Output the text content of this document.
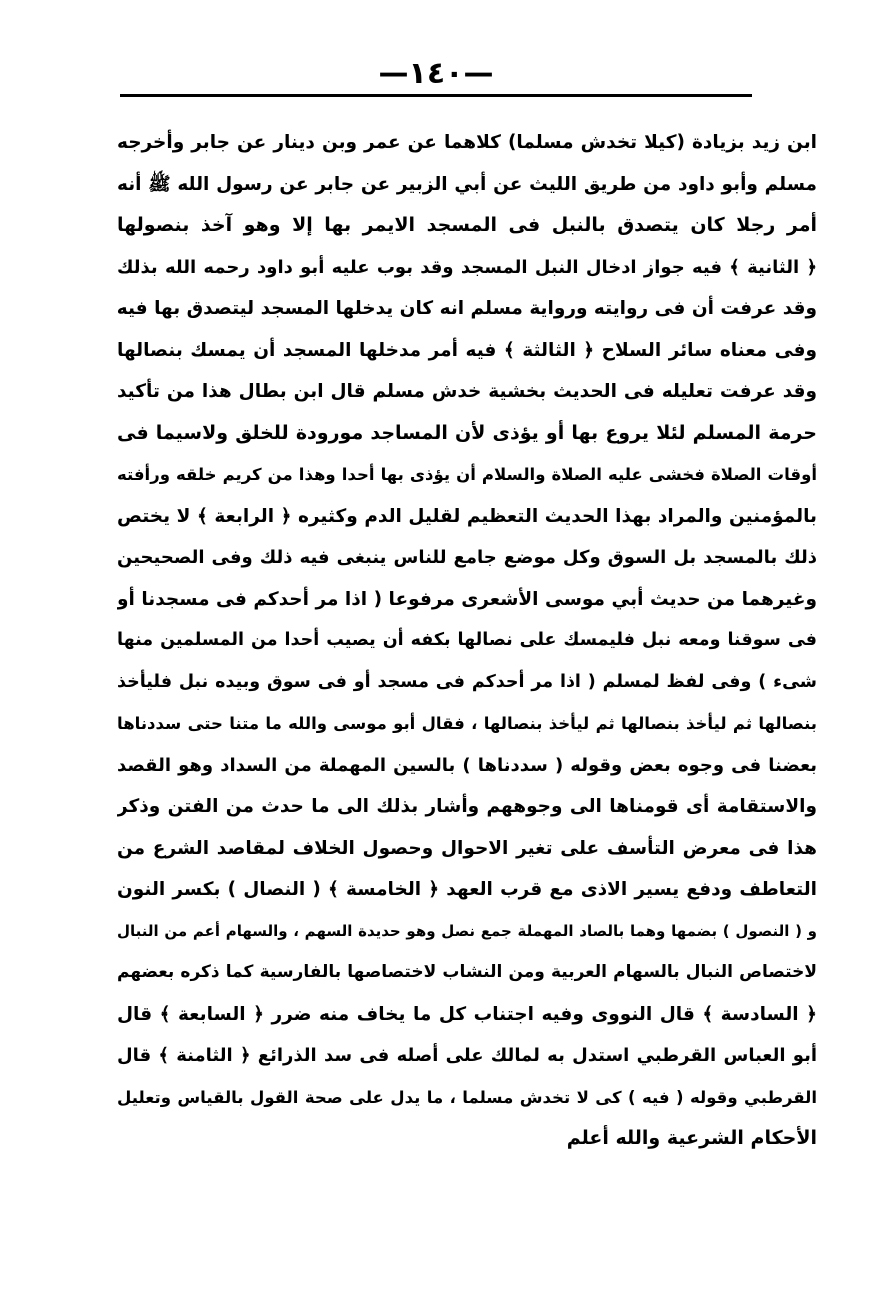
—١٤٠—
ابن زيد بزيادة (كيلا تخدش مسلما) كلاهما عن عمر وبن دينار عن جابر وأخرجه
مسلم وأبو داود من طريق الليث عن أبي الزبير عن جابر عن رسول الله ﷺ أنه
أمر رجلا كان يتصدق بالنبل فى المسجد الايمر بها إلا وهو آخذ بنصولها
﴿ الثانية ﴾ فيه جواز ادخال النبل المسجد وقد بوب عليه أبو داود رحمه الله بذلك
وقد عرفت أن فى روايته ورواية مسلم انه كان يدخلها المسجد ليتصدق بها فيه
وفى معناه سائر السلاح ﴿ الثالثة ﴾ فيه أمر مدخلها المسجد أن يمسك بنصالها
وقد عرفت تعليله فى الحديث بخشية خدش مسلم قال ابن بطال هذا من تأكيد
حرمة المسلم لئلا يروع بها أو يؤذى لأن المساجد مورودة للخلق ولاسيما فى
أوقات الصلاة فخشى عليه الصلاة والسلام أن يؤذى بها أحدا وهذا من كريم خلقه ورأفته
بالمؤمنين والمراد بهذا الحديث التعظيم لقليل الدم وكثيره ﴿ الرابعة ﴾ لا يختص
ذلك بالمسجد بل السوق وكل موضع جامع للناس ينبغى فيه ذلك وفى الصحيحين
وغيرهما من حديث أبي موسى الأشعرى مرفوعا ( اذا مر أحدكم فى مسجدنا أو
فى سوقنا ومعه نبل فليمسك على نصالها بكفه أن يصيب أحدا من المسلمين منها
شىء ) وفى لفظ لمسلم ( اذا مر أحدكم فى مسجد أو فى سوق وبيده نبل فليأخذ
بنصالها ثم ليأخذ بنصالها ثم ليأخذ بنصالها ، فقال أبو موسى والله ما متنا حتى سددناها
بعضنا فى وجوه بعض وقوله ( سددناها ) بالسين المهملة من السداد وهو القصد
والاستقامة أى قومناها الى وجوههم وأشار بذلك الى ما حدث من الفتن وذكر
هذا فى معرض التأسف على تغير الاحوال وحصول الخلاف لمقاصد الشرع من
التعاطف ودفع يسير الاذى مع قرب العهد ﴿ الخامسة ﴾ ( النصال ) بكسر النون
و ( النصول ) بضمها وهما بالصاد المهملة جمع نصل وهو حديدة السهم ، والسهام أعم من النبال
لاختصاص النبال بالسهام العربية ومن النشاب لاختصاصها بالفارسية كما ذكره بعضهم
﴿ السادسة ﴾ قال النووى وفيه اجتناب كل ما يخاف منه ضرر ﴿ السابعة ﴾ قال
أبو العباس القرطبي استدل به لمالك على أصله فى سد الذرائع ﴿ الثامنة ﴾ قال
القرطبي وقوله ( فيه ) كى لا تخدش مسلما ، ما يدل على صحة القول بالقياس وتعليل
الأحكام الشرعية والله أعلم
